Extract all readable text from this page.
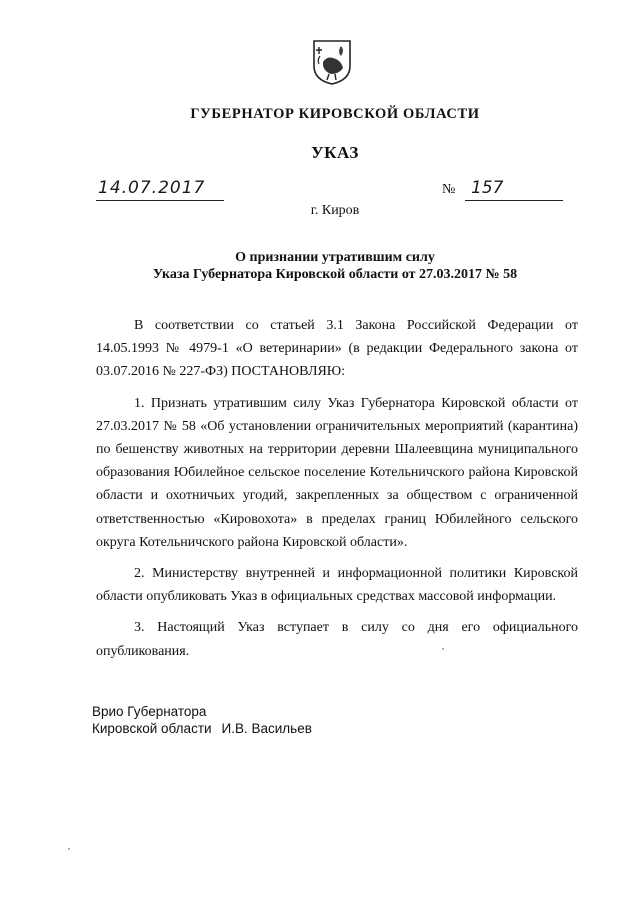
ГУБЕРНАТОР КИРОВСКОЙ ОБЛАСТИ
УКАЗ
14.07.2017	№ 157
г. Киров
О признании утратившим силу
Указа Губернатора Кировской области от 27.03.2017 № 58

В соответствии со статьей 3.1 Закона Российской Федерации от 14.05.1993 № 4979-1 «О ветеринарии» (в редакции Федерального закона от 03.07.2016 № 227-ФЗ) ПОСТАНОВЛЯЮ:

1. Признать утратившим силу Указ Губернатора Кировской области от 27.03.2017 № 58 «Об установлении ограничительных мероприятий (карантина) по бешенству животных на территории деревни Шалеевщина муниципального образования Юбилейное сельское поселение Котельничского района Кировской области и охотничьих угодий, закрепленных за обществом с ограниченной ответственностью «Кировохота» в пределах границ Юбилейного сельского округа Котельничского района Кировской области».

2. Министерству внутренней и информационной политики Кировской области опубликовать Указ в официальных средствах массовой информации.

3. Настоящий Указ вступает в силу со дня его официального опубликования.

Врио Губернатора
Кировской области И.В. Васильев
